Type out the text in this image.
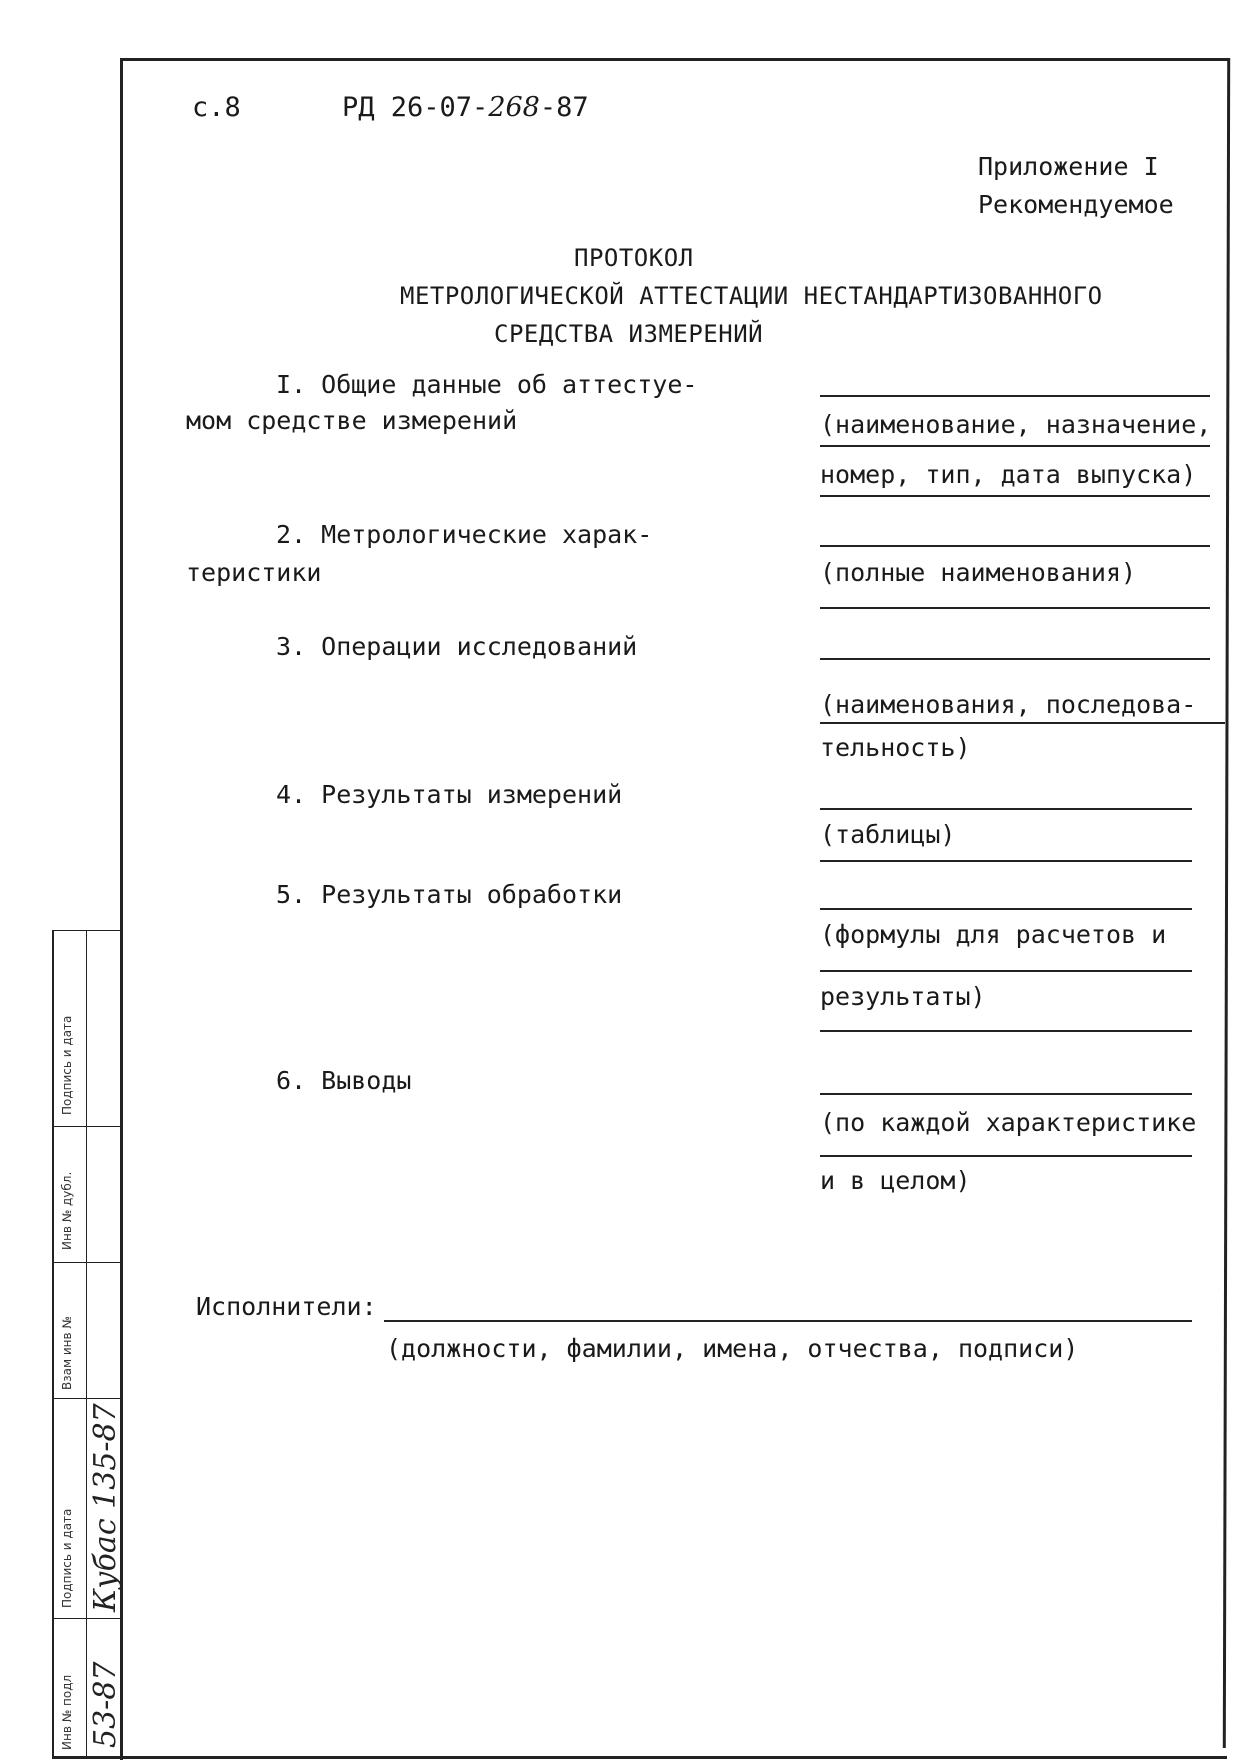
с.8	РД 26-07-268-87
Приложение I
Рекомендуемое
ПРОТОКОЛ
МЕТРОЛОГИЧЕСКОЙ АТТЕСТАЦИИ НЕСТАНДАРТИЗОВАННОГО
СРЕДСТВА ИЗМЕРЕНИЙ
I. Общие данные об аттестуе-
мом средстве измерений	(наименование, назначение,
номер, тип, дата выпуска)
2. Метрологические харак-
теристики	(полные наименования)
3. Операции исследований
(наименования, последова-
тельность)
4. Результаты измерений
(таблицы)
5. Результаты обработки
(формулы для расчетов и
результаты)
6. Выводы
(по каждой характеристике
и в целом)
Исполнители:
(должности, фамилии, имена, отчества, подписи)
Подпись и дата
Инв № дубл.
Взам инв №
Подпись и дата
Инв № подл
Кубас 135-87
53-87
